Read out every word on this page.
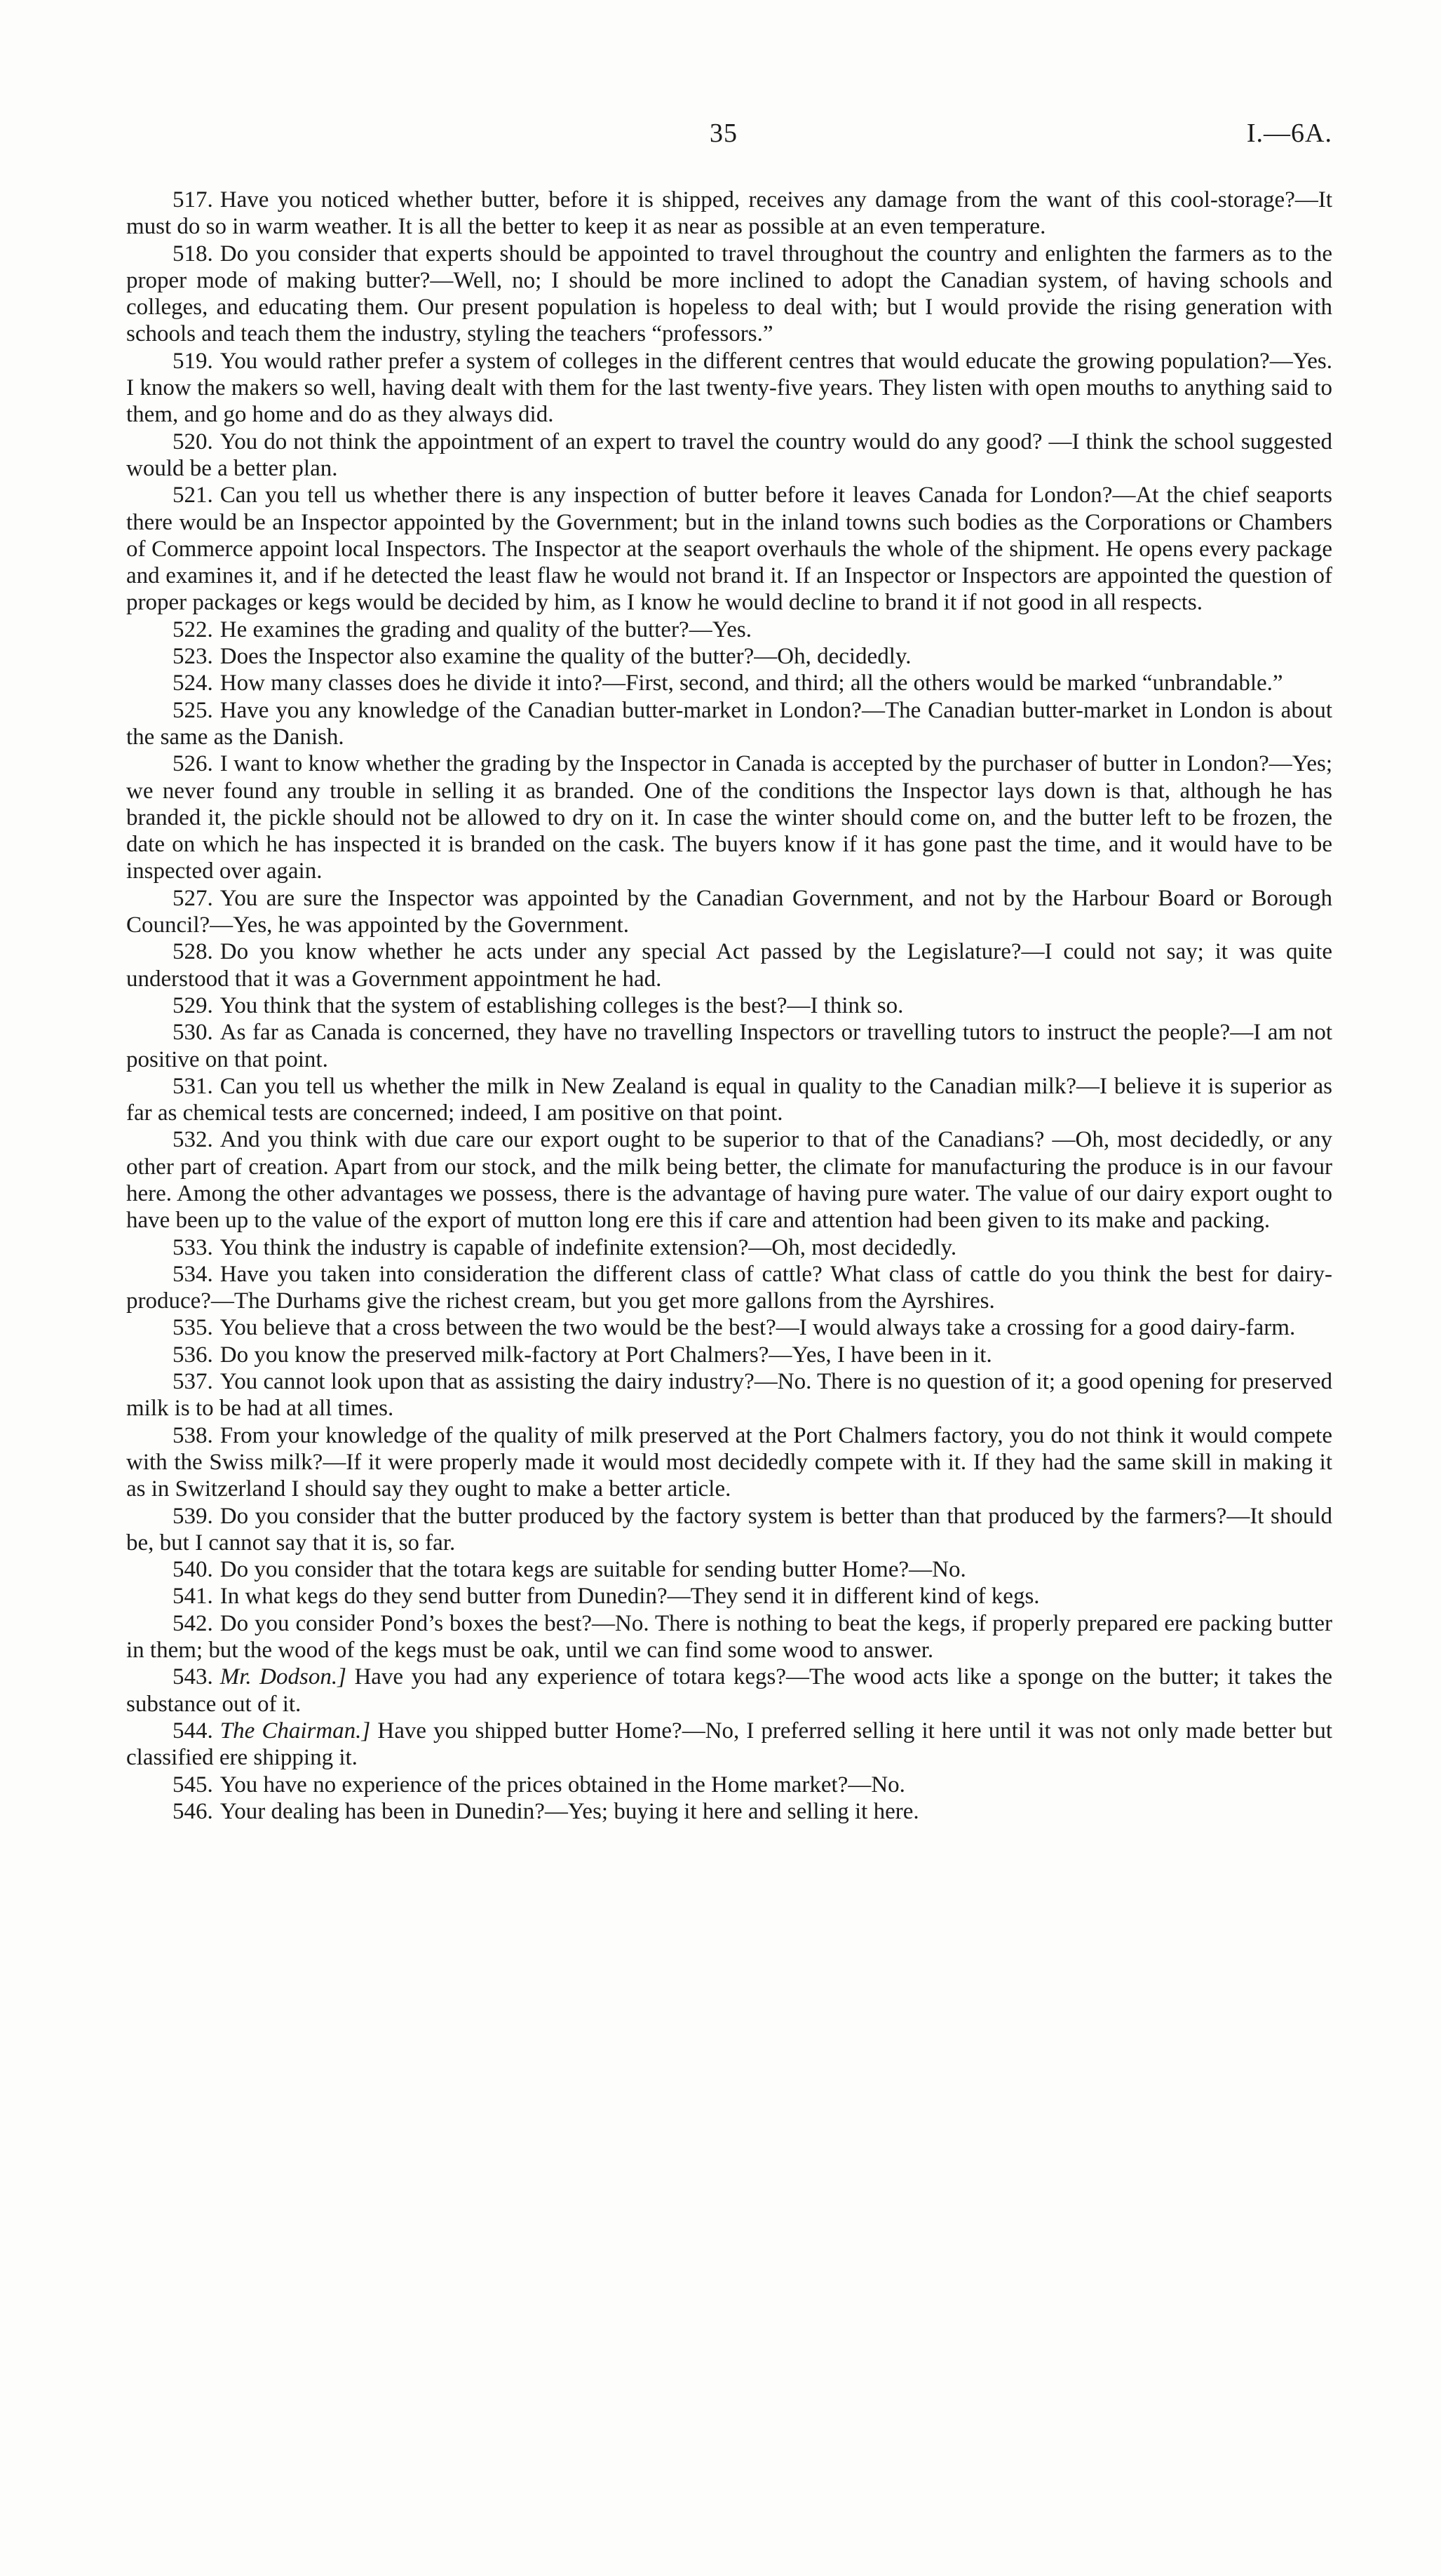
35	I.—6A.

517. Have you noticed whether butter, before it is shipped, receives any damage from the want of this cool-storage?—It must do so in warm weather. It is all the better to keep it as near as possible at an even temperature.

518. Do you consider that experts should be appointed to travel throughout the country and enlighten the farmers as to the proper mode of making butter?—Well, no; I should be more inclined to adopt the Canadian system, of having schools and colleges, and educating them. Our present population is hopeless to deal with; but I would provide the rising generation with schools and teach them the industry, styling the teachers “professors.”

519. You would rather prefer a system of colleges in the different centres that would educate the growing population?—Yes. I know the makers so well, having dealt with them for the last twenty-five years. They listen with open mouths to anything said to them, and go home and do as they always did.

520. You do not think the appointment of an expert to travel the country would do any good? —I think the school suggested would be a better plan.

521. Can you tell us whether there is any inspection of butter before it leaves Canada for London?—At the chief seaports there would be an Inspector appointed by the Government; but in the inland towns such bodies as the Corporations or Chambers of Commerce appoint local Inspectors. The Inspector at the seaport overhauls the whole of the shipment. He opens every package and examines it, and if he detected the least flaw he would not brand it. If an Inspector or Inspectors are appointed the question of proper packages or kegs would be decided by him, as I know he would decline to brand it if not good in all respects.

522. He examines the grading and quality of the butter?—Yes.

523. Does the Inspector also examine the quality of the butter?—Oh, decidedly.

524. How many classes does he divide it into?—First, second, and third; all the others would be marked “unbrandable.”

525. Have you any knowledge of the Canadian butter-market in London?—The Canadian butter-market in London is about the same as the Danish.

526. I want to know whether the grading by the Inspector in Canada is accepted by the purchaser of butter in London?—Yes; we never found any trouble in selling it as branded. One of the conditions the Inspector lays down is that, although he has branded it, the pickle should not be allowed to dry on it. In case the winter should come on, and the butter left to be frozen, the date on which he has inspected it is branded on the cask. The buyers know if it has gone past the time, and it would have to be inspected over again.

527. You are sure the Inspector was appointed by the Canadian Government, and not by the Harbour Board or Borough Council?—Yes, he was appointed by the Government.

528. Do you know whether he acts under any special Act passed by the Legislature?—I could not say; it was quite understood that it was a Government appointment he had.

529. You think that the system of establishing colleges is the best?—I think so.

530. As far as Canada is concerned, they have no travelling Inspectors or travelling tutors to instruct the people?—I am not positive on that point.

531. Can you tell us whether the milk in New Zealand is equal in quality to the Canadian milk?—I believe it is superior as far as chemical tests are concerned; indeed, I am positive on that point.

532. And you think with due care our export ought to be superior to that of the Canadians? —Oh, most decidedly, or any other part of creation. Apart from our stock, and the milk being better, the climate for manufacturing the produce is in our favour here. Among the other advantages we possess, there is the advantage of having pure water. The value of our dairy export ought to have been up to the value of the export of mutton long ere this if care and attention had been given to its make and packing.

533. You think the industry is capable of indefinite extension?—Oh, most decidedly.

534. Have you taken into consideration the different class of cattle? What class of cattle do you think the best for dairy-produce?—The Durhams give the richest cream, but you get more gallons from the Ayrshires.

535. You believe that a cross between the two would be the best?—I would always take a crossing for a good dairy-farm.

536. Do you know the preserved milk-factory at Port Chalmers?—Yes, I have been in it.

537. You cannot look upon that as assisting the dairy industry?—No. There is no question of it; a good opening for preserved milk is to be had at all times.

538. From your knowledge of the quality of milk preserved at the Port Chalmers factory, you do not think it would compete with the Swiss milk?—If it were properly made it would most decidedly compete with it. If they had the same skill in making it as in Switzerland I should say they ought to make a better article.

539. Do you consider that the butter produced by the factory system is better than that produced by the farmers?—It should be, but I cannot say that it is, so far.

540. Do you consider that the totara kegs are suitable for sending butter Home?—No.

541. In what kegs do they send butter from Dunedin?—They send it in different kind of kegs.

542. Do you consider Pond’s boxes the best?—No. There is nothing to beat the kegs, if properly prepared ere packing butter in them; but the wood of the kegs must be oak, until we can find some wood to answer.

543. Mr. Dodson.] Have you had any experience of totara kegs?—The wood acts like a sponge on the butter; it takes the substance out of it.

544. The Chairman.] Have you shipped butter Home?—No, I preferred selling it here until it was not only made better but classified ere shipping it.

545. You have no experience of the prices obtained in the Home market?—No.

546. Your dealing has been in Dunedin?—Yes; buying it here and selling it here.
